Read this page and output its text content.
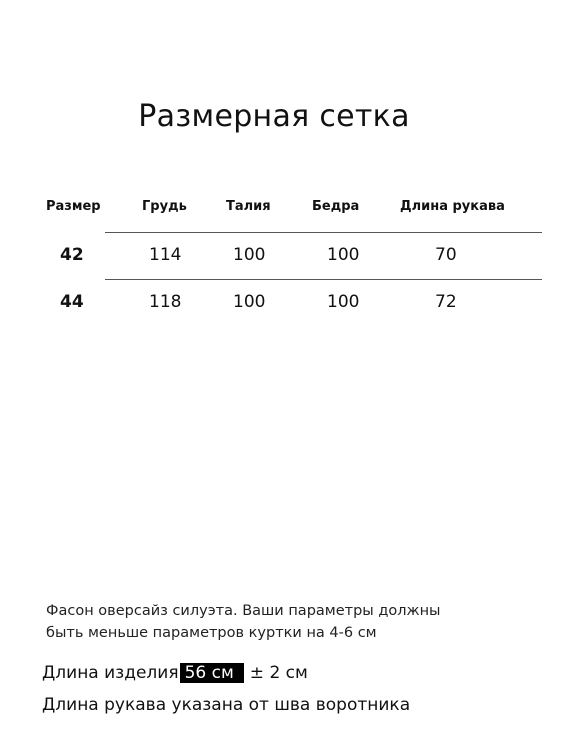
Размерная сетка
Размер	Грудь	Талия	Бедра	Длина рукава
42	114	100	100	70
44	118	100	100	72
Фасон оверсайз силуэта. Ваши параметры должны
быть меньше параметров куртки на 4-6 см
Длина изделия 56 см ± 2 см
Длина рукава указана от шва воротника
